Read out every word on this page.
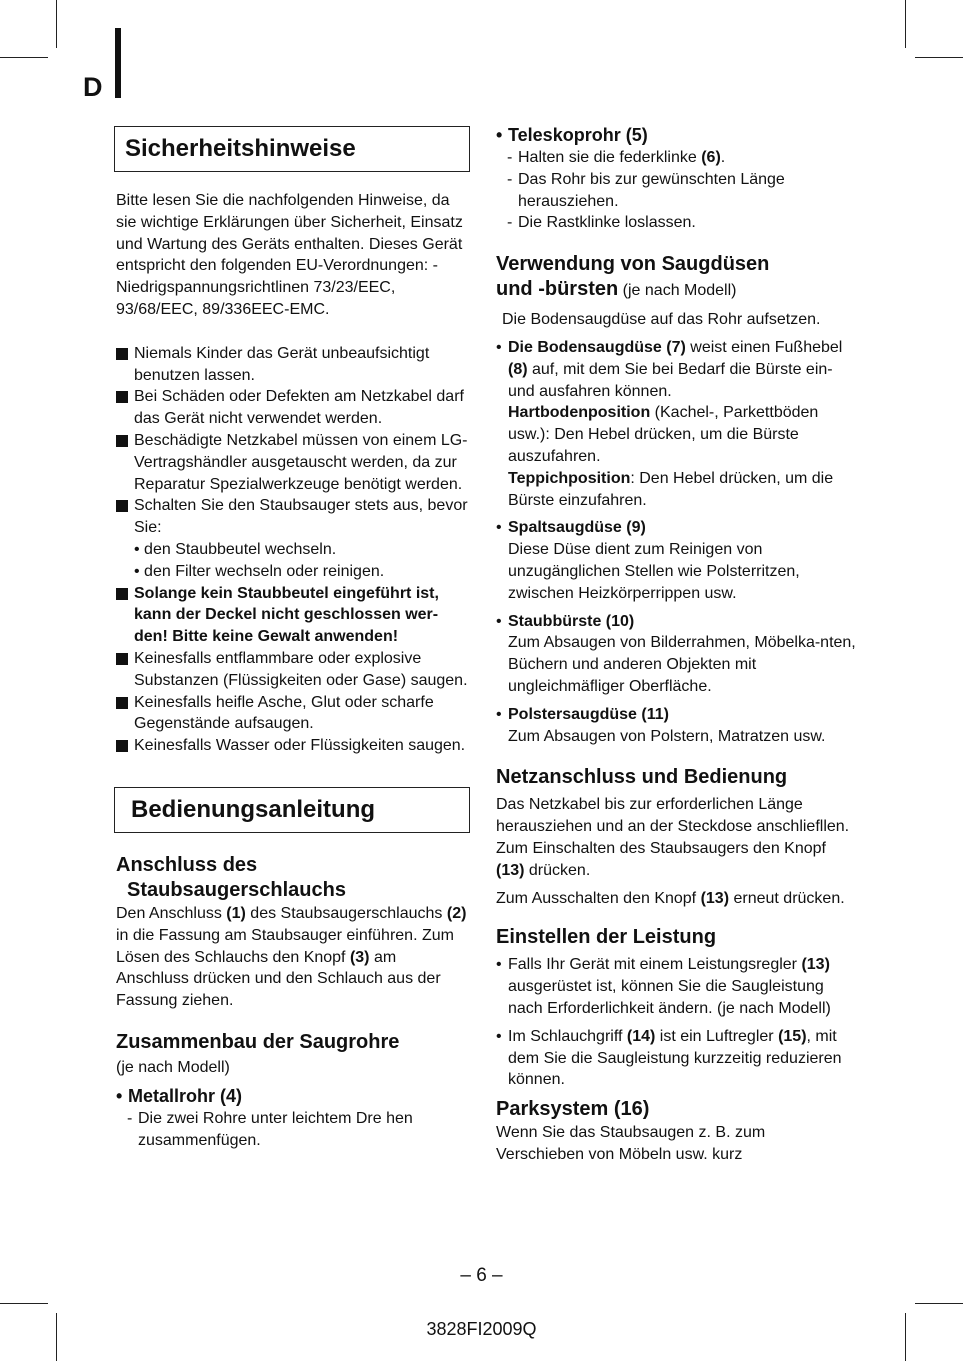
D
Sicherheitshinweise

Bitte lesen Sie die nachfolgenden Hinweise, da sie wichtige Erklärungen über Sicherheit, Einsatz und Wartung des Geräts enthalten. Dieses Gerät entspricht den folgenden EU-Verordnungen: - Niedrigspannungsrichtlinen 73/23/EEC, 93/68/EEC, 89/336EEC-EMC.

Niemals Kinder das Gerät unbeaufsichtigt benutzen lassen.
Bei Schäden oder Defekten am Netzkabel darf das Gerät nicht verwendet werden.
Beschädigte Netzkabel müssen von einem LG-Vertragshändler ausgetauscht werden, da zur Reparatur Spezialwerkzeuge benötigt werden.
Schalten Sie den Staubsauger stets aus, bevor Sie:
• den Staubbeutel wechseln.
• den Filter wechseln oder reinigen.
Solange kein Staubbeutel eingeführt ist, kann der Deckel nicht geschlossen wer-den! Bitte keine Gewalt anwenden!
Keinesfalls entflammbare oder explosive Substanzen (Flüssigkeiten oder Gase) saugen.
Keinesfalls heifle Asche, Glut oder scharfe Gegenstände aufsaugen.
Keinesfalls Wasser oder Flüssigkeiten saugen.
Bedienungsanleitung
Anschluss des
Staubsaugerschlauchs

Den Anschluss (1) des Staubsaugerschlauchs (2) in die Fassung am Staubsauger einführen. Zum Lösen des Schlauchs den Knopf (3) am Anschluss drücken und den Schlauch aus der Fassung ziehen.

Zusammenbau der Saugrohre

(je nach Modell)

• Metallrohr (4)
- Die zwei Rohre unter leichtem Dre hen zusammenfügen.
• Teleskoprohr (5)
- Halten sie die federklinke (6).
- Das Rohr bis zur gewünschten Länge herausziehen.
- Die Rastklinke loslassen.
Verwendung von Saugdüsen
und -bürsten (je nach Modell)

Die Bodensaugdüse auf das Rohr aufsetzen.

• Die Bodensaugdüse (7) weist einen Fußhebel (8) auf, mit dem Sie bei Bedarf die Bürste ein- und ausfahren können.
Hartbodenposition (Kachel-, Parkettböden usw.): Den Hebel drücken, um die Bürste auszufahren.
Teppichposition: Den Hebel drücken, um die Bürste einzufahren.
• Spaltsaugdüse (9)
Diese Düse dient zum Reinigen von unzugänglichen Stellen wie Polsterritzen, zwischen Heizkörperrippen usw.
• Staubbürste (10)
Zum Absaugen von Bilderrahmen, Möbelka-nten, Büchern und anderen Objekten mit ungleichmäfliger Oberfläche.
• Polstersaugdüse (11)
Zum Absaugen von Polstern, Matratzen usw.
Netzanschluss und Bedienung

Das Netzkabel bis zur erforderlichen Länge herausziehen und an der Steckdose anschliefllen. Zum Einschalten des Staubsaugers den Knopf (13) drücken.

Zum Ausschalten den Knopf (13) erneut drücken.

Einstellen der Leistung
• Falls Ihr Gerät mit einem Leistungsregler (13) ausgerüstet ist, können Sie die Saugleistung nach Erforderlichkeit ändern. (je nach Modell)
• Im Schlauchgriff (14) ist ein Luftregler (15), mit dem Sie die Saugleistung kurzzeitig reduzieren können.
Parksystem (16)

Wenn Sie das Staubsaugen z. B. zum Verschieben von Möbeln usw. kurz

– 6 –
3828FI2009Q
